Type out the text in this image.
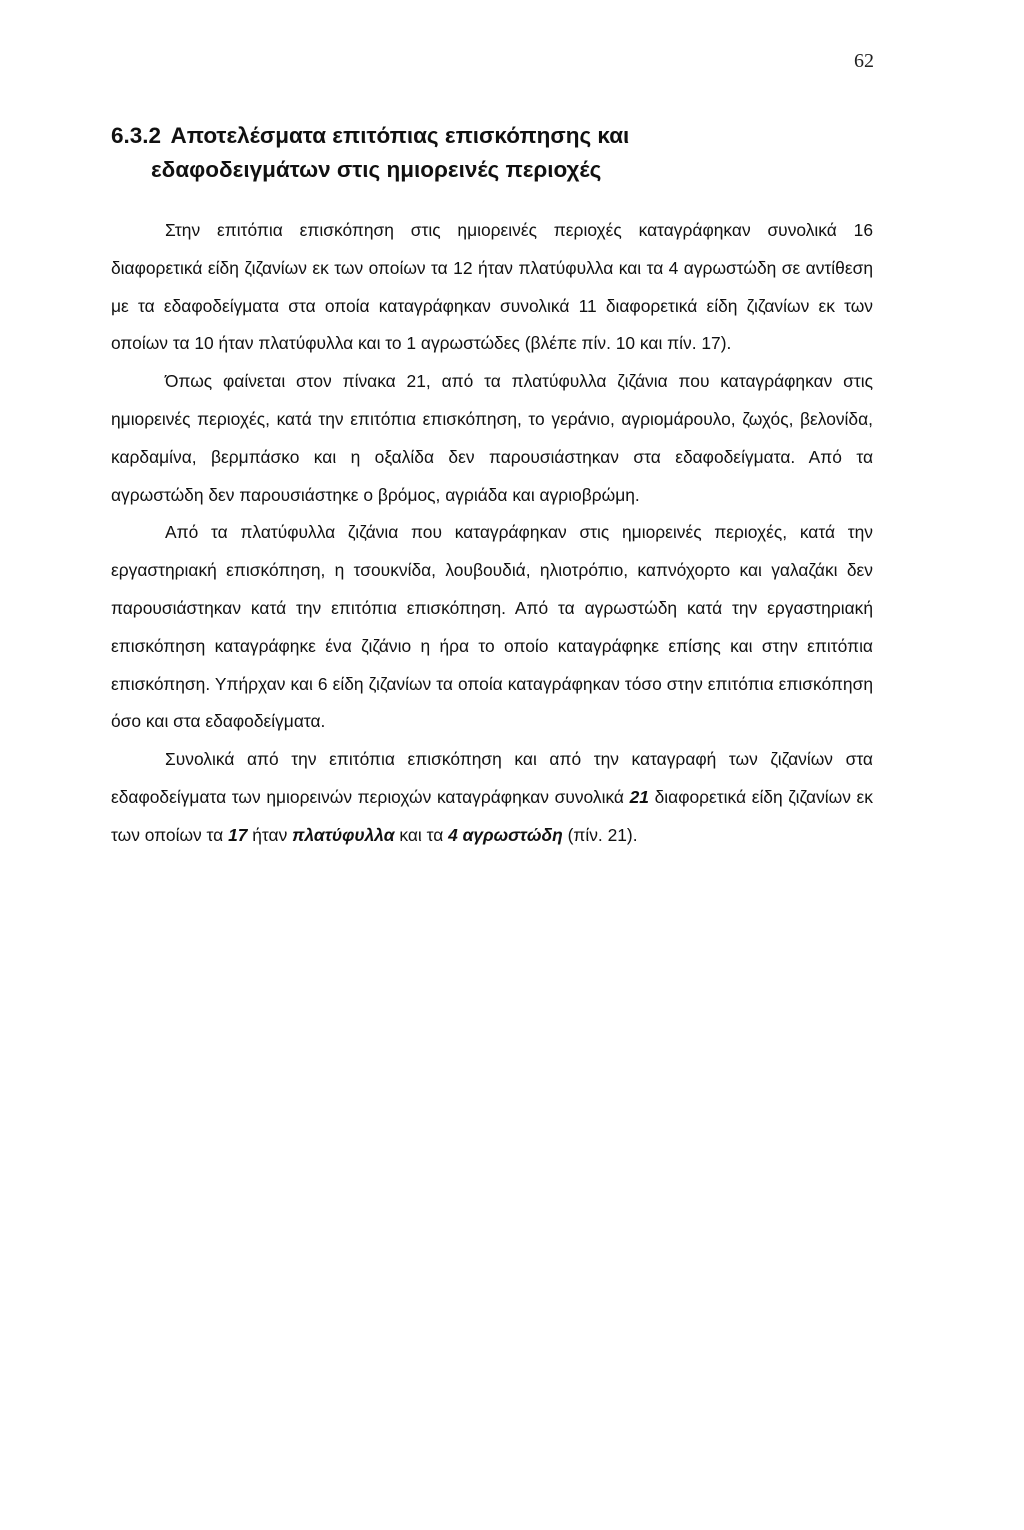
62
6.3.2 Αποτελέσματα επιτόπιας επισκόπησης και
εδαφοδειγμάτων στις ημιορεινές περιοχές

Στην επιτόπια επισκόπηση στις ημιορεινές περιοχές καταγράφηκαν συνολικά 16 διαφορετικά είδη ζιζανίων εκ των οποίων τα 12 ήταν πλατύφυλλα και τα 4 αγρωστώδη σε αντίθεση με τα εδαφοδείγματα στα οποία καταγράφηκαν συνολικά 11 διαφορετικά είδη ζιζανίων εκ των οποίων τα 10 ήταν πλατύφυλλα και το 1 αγρωστώδες (βλέπε πίν. 10 και πίν. 17).

Όπως φαίνεται στον πίνακα 21, από τα πλατύφυλλα ζιζάνια που καταγράφηκαν στις ημιορεινές περιοχές, κατά την επιτόπια επισκόπηση, το γεράνιο, αγριομάρουλο, ζωχός, βελονίδα, καρδαμίνα, βερμπάσκο και η οξαλίδα δεν παρουσιάστηκαν στα εδαφοδείγματα. Από τα αγρωστώδη δεν παρουσιάστηκε ο βρόμος, αγριάδα και αγριοβρώμη.

Από τα πλατύφυλλα ζιζάνια που καταγράφηκαν στις ημιορεινές περιοχές, κατά την εργαστηριακή επισκόπηση, η τσουκνίδα, λουβουδιά, ηλιοτρόπιο, καπνόχορτο και γαλαζάκι δεν παρουσιάστηκαν κατά την επιτόπια επισκόπηση. Από τα αγρωστώδη κατά την εργαστηριακή επισκόπηση καταγράφηκε ένα ζιζάνιο η ήρα το οποίο καταγράφηκε επίσης και στην επιτόπια επισκόπηση. Υπήρχαν και 6 είδη ζιζανίων τα οποία καταγράφηκαν τόσο στην επιτόπια επισκόπηση όσο και στα εδαφοδείγματα.

Συνολικά από την επιτόπια επισκόπηση και από την καταγραφή των ζιζανίων στα εδαφοδείγματα των ημιορεινών περιοχών καταγράφηκαν συνολικά 21 διαφορετικά είδη ζιζανίων εκ των οποίων τα 17 ήταν πλατύφυλλα και τα 4 αγρωστώδη (πίν. 21).
